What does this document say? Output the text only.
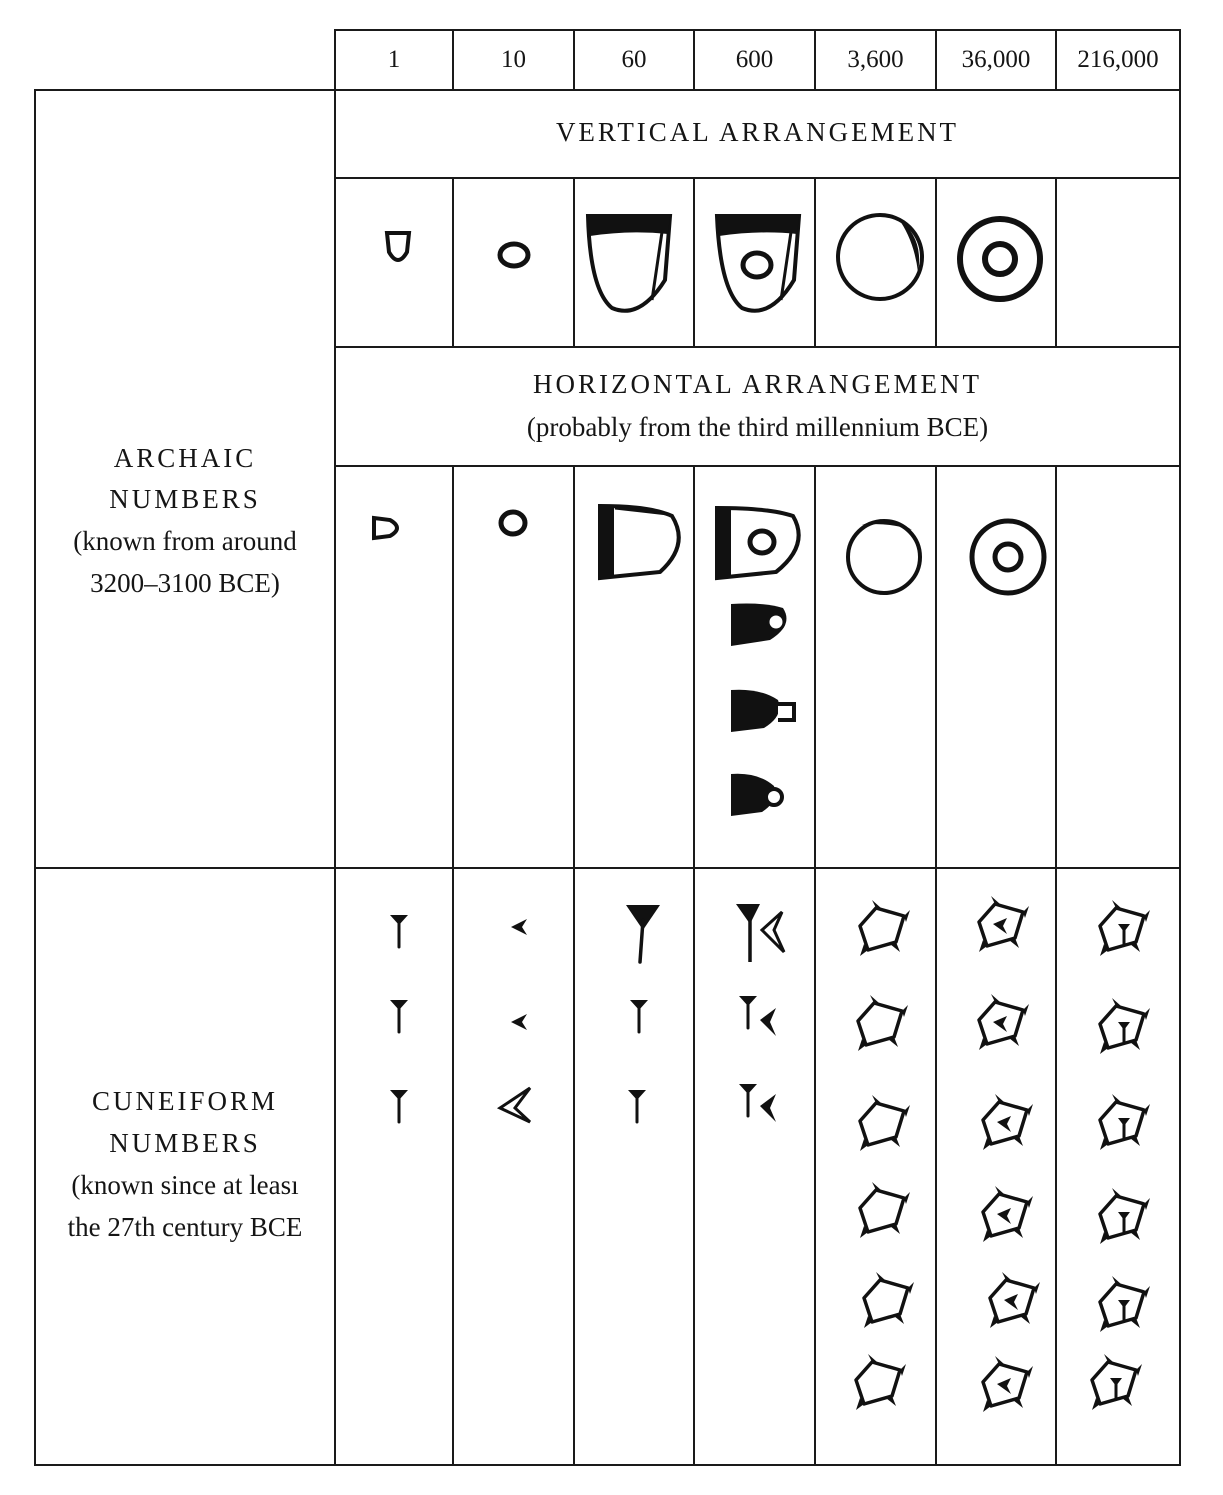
1	10	60	600	3,600	36,000	216,000
VERTICAL ARRANGEMENT
HORIZONTAL ARRANGEMENT
(probably from the third millennium BCE)
ARCHAIC
NUMBERS
(known from around
3200–3100 BCE)
CUNEIFORM
NUMBERS
(known since at leası
the 27th century BCE
